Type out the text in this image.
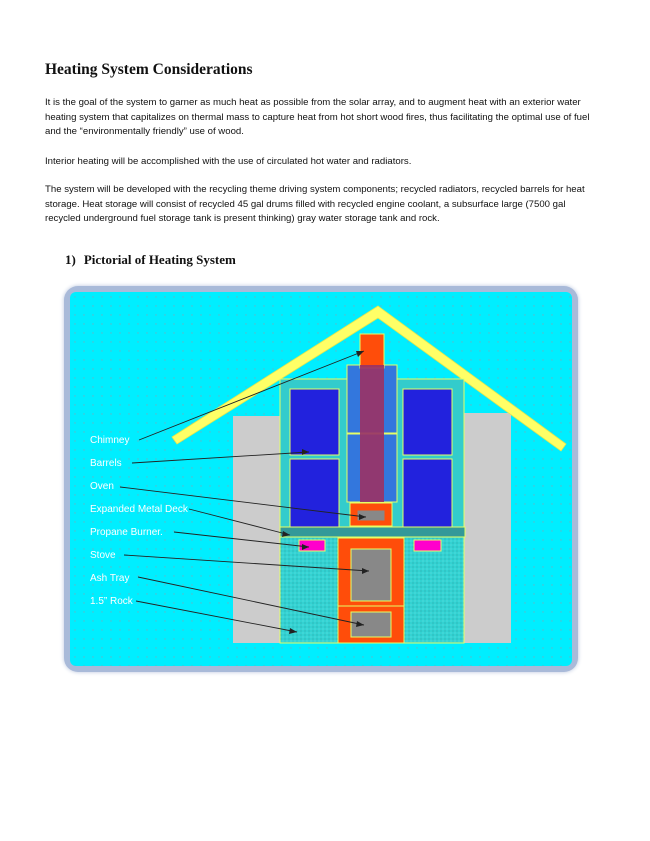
Heating System Considerations

It is the goal of the system to garner as much heat as possible from the solar array, and to augment heat with an exterior water heating system that capitalizes on thermal mass to capture heat from hot short wood fires, thus facilitating the optimal use of fuel and the “environmentally friendly” use of wood.

Interior heating will be accomplished with the use of circulated hot water and radiators.

The system will be developed with the recycling theme driving system components; recycled radiators, recycled barrels for heat storage. Heat storage will consist of recycled 45 gal drums filled with recycled engine coolant, a subsurface large (7500 gal recycled underground fuel storage tank is present thinking) gray water storage tank and rock.

1) Pictorial of Heating System
Chimney
Barrels
Oven
Expanded Metal Deck
Propane Burner.
Stove
Ash Tray
1.5” Rock
